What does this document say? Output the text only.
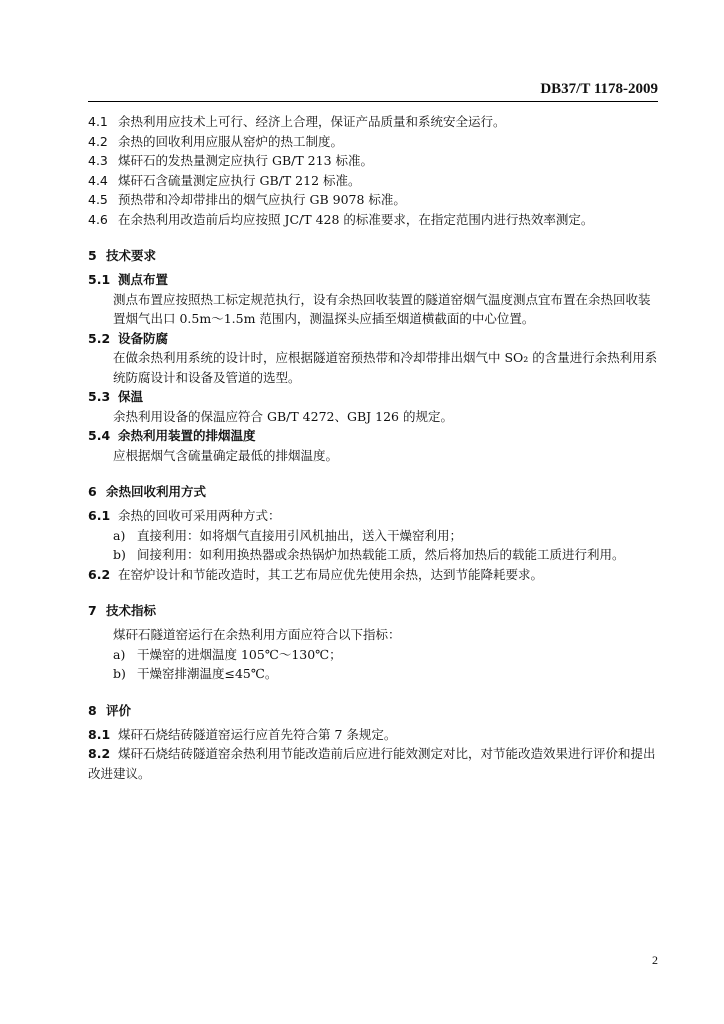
DB37/T 1178-2009
4.1 余热利用应技术上可行、经济上合理，保证产品质量和系统安全运行。
4.2 余热的回收利用应服从窑炉的热工制度。
4.3 煤矸石的发热量测定应执行 GB/T 213 标准。
4.4 煤矸石含硫量测定应执行 GB/T 212 标准。
4.5 预热带和冷却带排出的烟气应执行 GB 9078 标准。
4.6 在余热利用改造前后均应按照 JC/T 428 的标准要求，在指定范围内进行热效率测定。
5 技术要求
5.1 测点布置
测点布置应按照热工标定规范执行，设有余热回收装置的隧道窑烟气温度测点宜布置在余热回收装置烟气出口 0.5m～1.5m 范围内，测温探头应插至烟道横截面的中心位置。
5.2 设备防腐
在做余热利用系统的设计时，应根据隧道窑预热带和冷却带排出烟气中 SO₂ 的含量进行余热利用系统防腐设计和设备及管道的选型。
5.3 保温
余热利用设备的保温应符合 GB/T 4272、GBJ 126 的规定。
5.4 余热利用装置的排烟温度
应根据烟气含硫量确定最低的排烟温度。
6 余热回收利用方式
6.1 余热的回收可采用两种方式：
a) 直接利用：如将烟气直接用引风机抽出，送入干燥窑利用；
b) 间接利用：如利用换热器或余热锅炉加热载能工质，然后将加热后的载能工质进行利用。
6.2 在窑炉设计和节能改造时，其工艺布局应优先使用余热，达到节能降耗要求。
7 技术指标
煤矸石隧道窑运行在余热利用方面应符合以下指标：
a) 干燥窑的进烟温度 105℃～130℃；
b) 干燥窑排潮温度≤45℃。
8 评价
8.1 煤矸石烧结砖隧道窑运行应首先符合第 7 条规定。
8.2 煤矸石烧结砖隧道窑余热利用节能改造前后应进行能效测定对比，对节能改造效果进行评价和提出改进建议。
2
